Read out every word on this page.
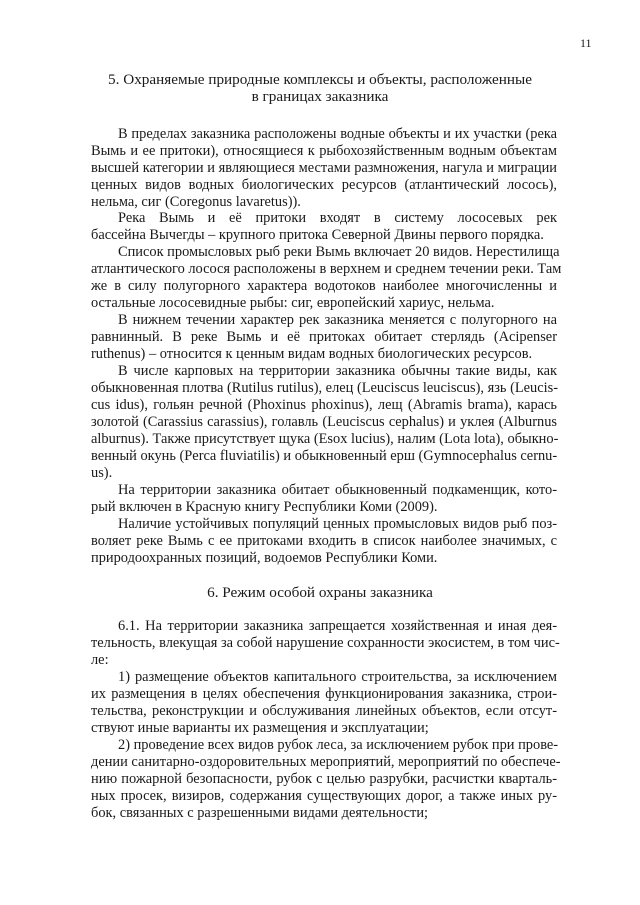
11
5. Охраняемые природные комплексы и объекты, расположенные
в границах заказника
В пределах заказника расположены водные объекты и их участки (река
Вымь и ее притоки), относящиеся к рыбохозяйственным водным объектам
высшей категории и являющиеся местами размножения, нагула и миграции
ценных видов водных биологических ресурсов (атлантический лосось),
нельма, сиг (Coregonus lavaretus)).
Река Вымь и её притоки входят в систему лососевых рек
бассейна Вычегды – крупного притока Северной Двины первого порядка.
Список промысловых рыб реки Вымь включает 20 видов. Нерестилища
атлантического лосося расположены в верхнем и среднем течении реки. Там
же в силу полугорного характера водотоков наиболее многочисленны и
остальные лососевидные рыбы: сиг, европейский хариус, нельма.
В нижнем течении характер рек заказника меняется с полугорного на
равнинный. В реке Вымь и её притоках обитает стерлядь (Acipenser
ruthenus) – относится к ценным видам водных биологических ресурсов.
В числе карповых на территории заказника обычны такие виды, как
обыкновенная плотва (Rutilus rutilus), елец (Leuciscus leuciscus), язь (Leucis-
cus idus), гольян речной (Phoxinus phoxinus), лещ (Abramis brama), карась
золотой (Carassius carassius), голавль (Leuciscus cephalus) и уклея (Alburnus
alburnus). Также присутствует щука (Esox lucius), налим (Lota lota), обыкно-
венный окунь (Perca fluviatilis) и обыкновенный ерш (Gymnocephalus cernu-
us).
На территории заказника обитает обыкновенный подкаменщик, кото-
рый включен в Красную книгу Республики Коми (2009).
Наличие устойчивых популяций ценных промысловых видов рыб поз-
воляет реке Вымь с ее притоками входить в список наиболее значимых, с
природоохранных позиций, водоемов Республики Коми.
6. Режим особой охраны заказника
6.1. На территории заказника запрещается хозяйственная и иная дея-
тельность, влекущая за собой нарушение сохранности экосистем, в том чис-
ле:
1) размещение объектов капитального строительства, за исключением
их размещения в целях обеспечения функционирования заказника, строи-
тельства, реконструкции и обслуживания линейных объектов, если отсут-
ствуют иные варианты их размещения и эксплуатации;
2) проведение всех видов рубок леса, за исключением рубок при прове-
дении санитарно-оздоровительных мероприятий, мероприятий по обеспече-
нию пожарной безопасности, рубок с целью разрубки, расчистки кварталь-
ных просек, визиров, содержания существующих дорог, а также иных ру-
бок, связанных с разрешенными видами деятельности;
